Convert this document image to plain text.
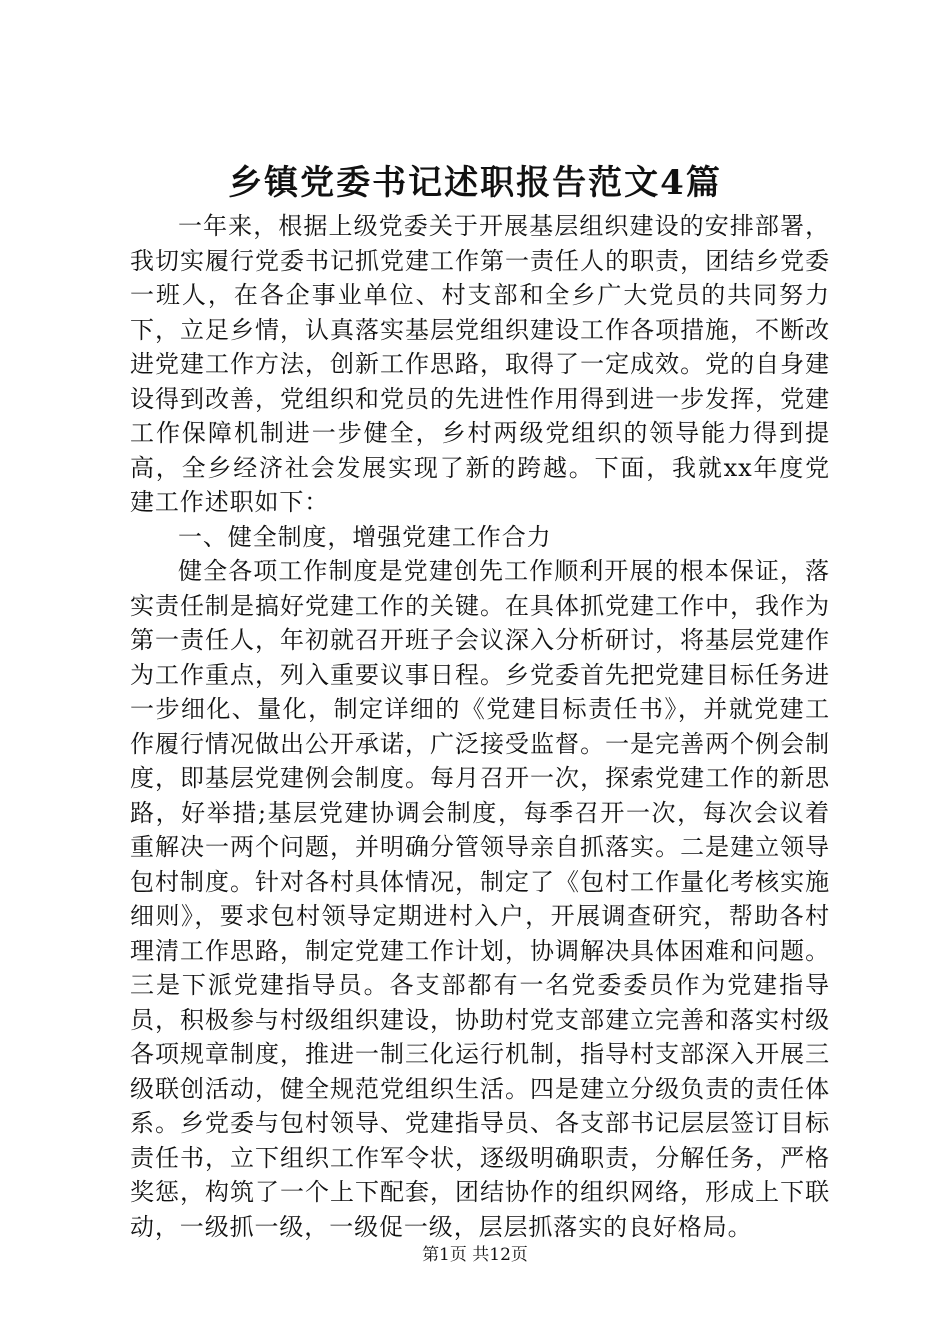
乡镇党委书记述职报告范文4篇

一年来，根据上级党委关于开展基层组织建设的安排部署，我切实履行党委书记抓党建工作第一责任人的职责，团结乡党委一班人，在各企事业单位、村支部和全乡广大党员的共同努力下，立足乡情，认真落实基层党组织建设工作各项措施，不断改进党建工作方法，创新工作思路，取得了一定成效。党的自身建设得到改善，党组织和党员的先进性作用得到进一步发挥，党建工作保障机制进一步健全，乡村两级党组织的领导能力得到提高，全乡经济社会发展实现了新的跨越。下面，我就xx年度党建工作述职如下：

一、健全制度，增强党建工作合力

健全各项工作制度是党建创先工作顺利开展的根本保证，落实责任制是搞好党建工作的关键。在具体抓党建工作中，我作为第一责任人，年初就召开班子会议深入分析研讨，将基层党建作为工作重点，列入重要议事日程。乡党委首先把党建目标任务进一步细化、量化，制定详细的《党建目标责任书》，并就党建工作履行情况做出公开承诺，广泛接受监督。一是完善两个例会制度，即基层党建例会制度。每月召开一次，探索党建工作的新思路，好举措;基层党建协调会制度，每季召开一次，每次会议着重解决一两个问题，并明确分管领导亲自抓落实。二是建立领导包村制度。针对各村具体情况，制定了《包村工作量化考核实施细则》，要求包村领导定期进村入户，开展调查研究，帮助各村理清工作思路，制定党建工作计划，协调解决具体困难和问题。三是下派党建指导员。各支部都有一名党委委员作为党建指导员，积极参与村级组织建设，协助村党支部建立完善和落实村级各项规章制度，推进一制三化运行机制，指导村支部深入开展三级联创活动，健全规范党组织生活。四是建立分级负责的责任体系。乡党委与包村领导、党建指导员、各支部书记层层签订目标责任书，立下组织工作军令状，逐级明确职责，分解任务，严格奖惩，构筑了一个上下配套，团结协作的组织网络，形成上下联动，一级抓一级，一级促一级，层层抓落实的良好格局。

第1页 共12页
